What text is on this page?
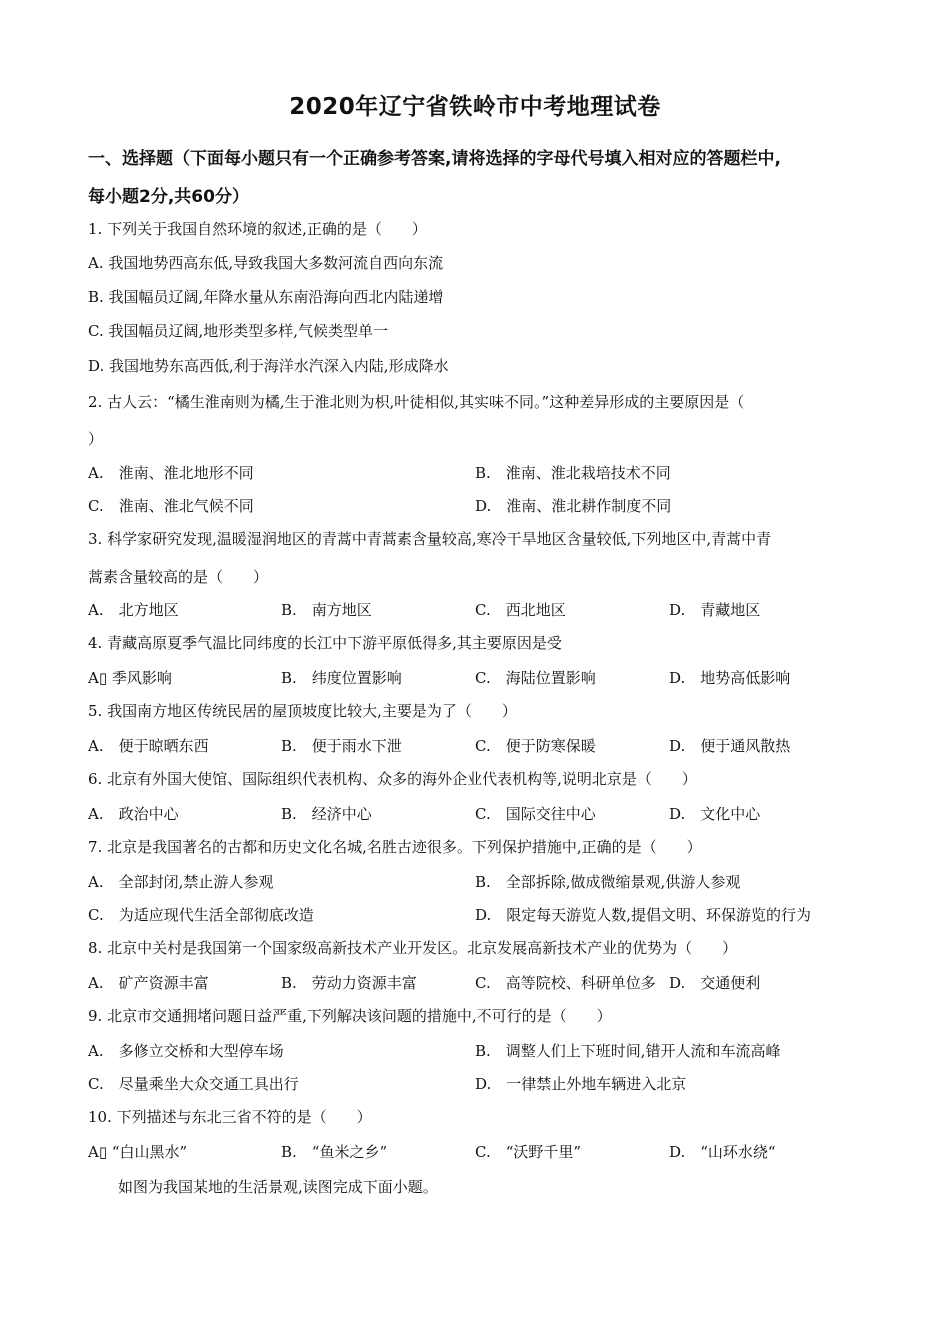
2020年辽宁省铁岭市中考地理试卷
一、选择题（下面每小题只有一个正确参考答案,请将选择的字母代号填入相对应的答题栏中,
每小题2分,共60分）
1. 下列关于我国自然环境的叙述,正确的是（　　）
A. 我国地势西高东低,导致我国大多数河流自西向东流
B. 我国幅员辽阔,年降水量从东南沿海向西北内陆递增
C. 我国幅员辽阔,地形类型多样,气候类型单一
D. 我国地势东高西低,利于海洋水汽深入内陆,形成降水
2. 古人云：“橘生淮南则为橘,生于淮北则为枳,叶徒相似,其实味不同。”这种差异形成的主要原因是（
）
A.　淮南、淮北地形不同	B.　淮南、淮北栽培技术不同
C.　淮南、淮北气候不同	D.　淮南、淮北耕作制度不同
3. 科学家研究发现,温暖湿润地区的青蒿中青蒿素含量较高,寒冷干旱地区含量较低,下列地区中,青蒿中青
蒿素含量较高的是（　　）
A.　北方地区	B.　南方地区	C.　西北地区	D.　青藏地区
4. 青藏高原夏季气温比同纬度的长江中下游平原低得多,其主要原因是受
A▯ 季风影响	B.　纬度位置影响	C.　海陆位置影响	D.　地势高低影响
5. 我国南方地区传统民居的屋顶坡度比较大,主要是为了（　　）
A.　便于晾晒东西	B.　便于雨水下泄	C.　便于防寒保暖	D.　便于通风散热
6. 北京有外国大使馆、国际组织代表机构、众多的海外企业代表机构等,说明北京是（　　）
A.　政治中心	B.　经济中心	C.　国际交往中心	D.　文化中心
7. 北京是我国著名的古都和历史文化名城,名胜古迹很多。下列保护措施中,正确的是（　　）
A.　全部封闭,禁止游人参观	B.　全部拆除,做成微缩景观,供游人参观
C.　为适应现代生活全部彻底改造	D.　限定每天游览人数,提倡文明、环保游览的行为
8. 北京中关村是我国第一个国家级高新技术产业开发区。北京发展高新技术产业的优势为（　　）
A.　矿产资源丰富	B.　劳动力资源丰富	C.　高等院校、科研单位多 D.　交通便利
9. 北京市交通拥堵问题日益严重,下列解决该问题的措施中,不可行的是（　　）
A.　多修立交桥和大型停车场	B.　调整人们上下班时间,错开人流和车流高峰
C.　尽量乘坐大众交通工具出行	D.　一律禁止外地车辆进入北京
10. 下列描述与东北三省不符的是（　　）
A▯ “白山黑水”	B.　“鱼米之乡”	C.　“沃野千里”	D.　“山环水绕“
如图为我国某地的生活景观,读图完成下面小题。
